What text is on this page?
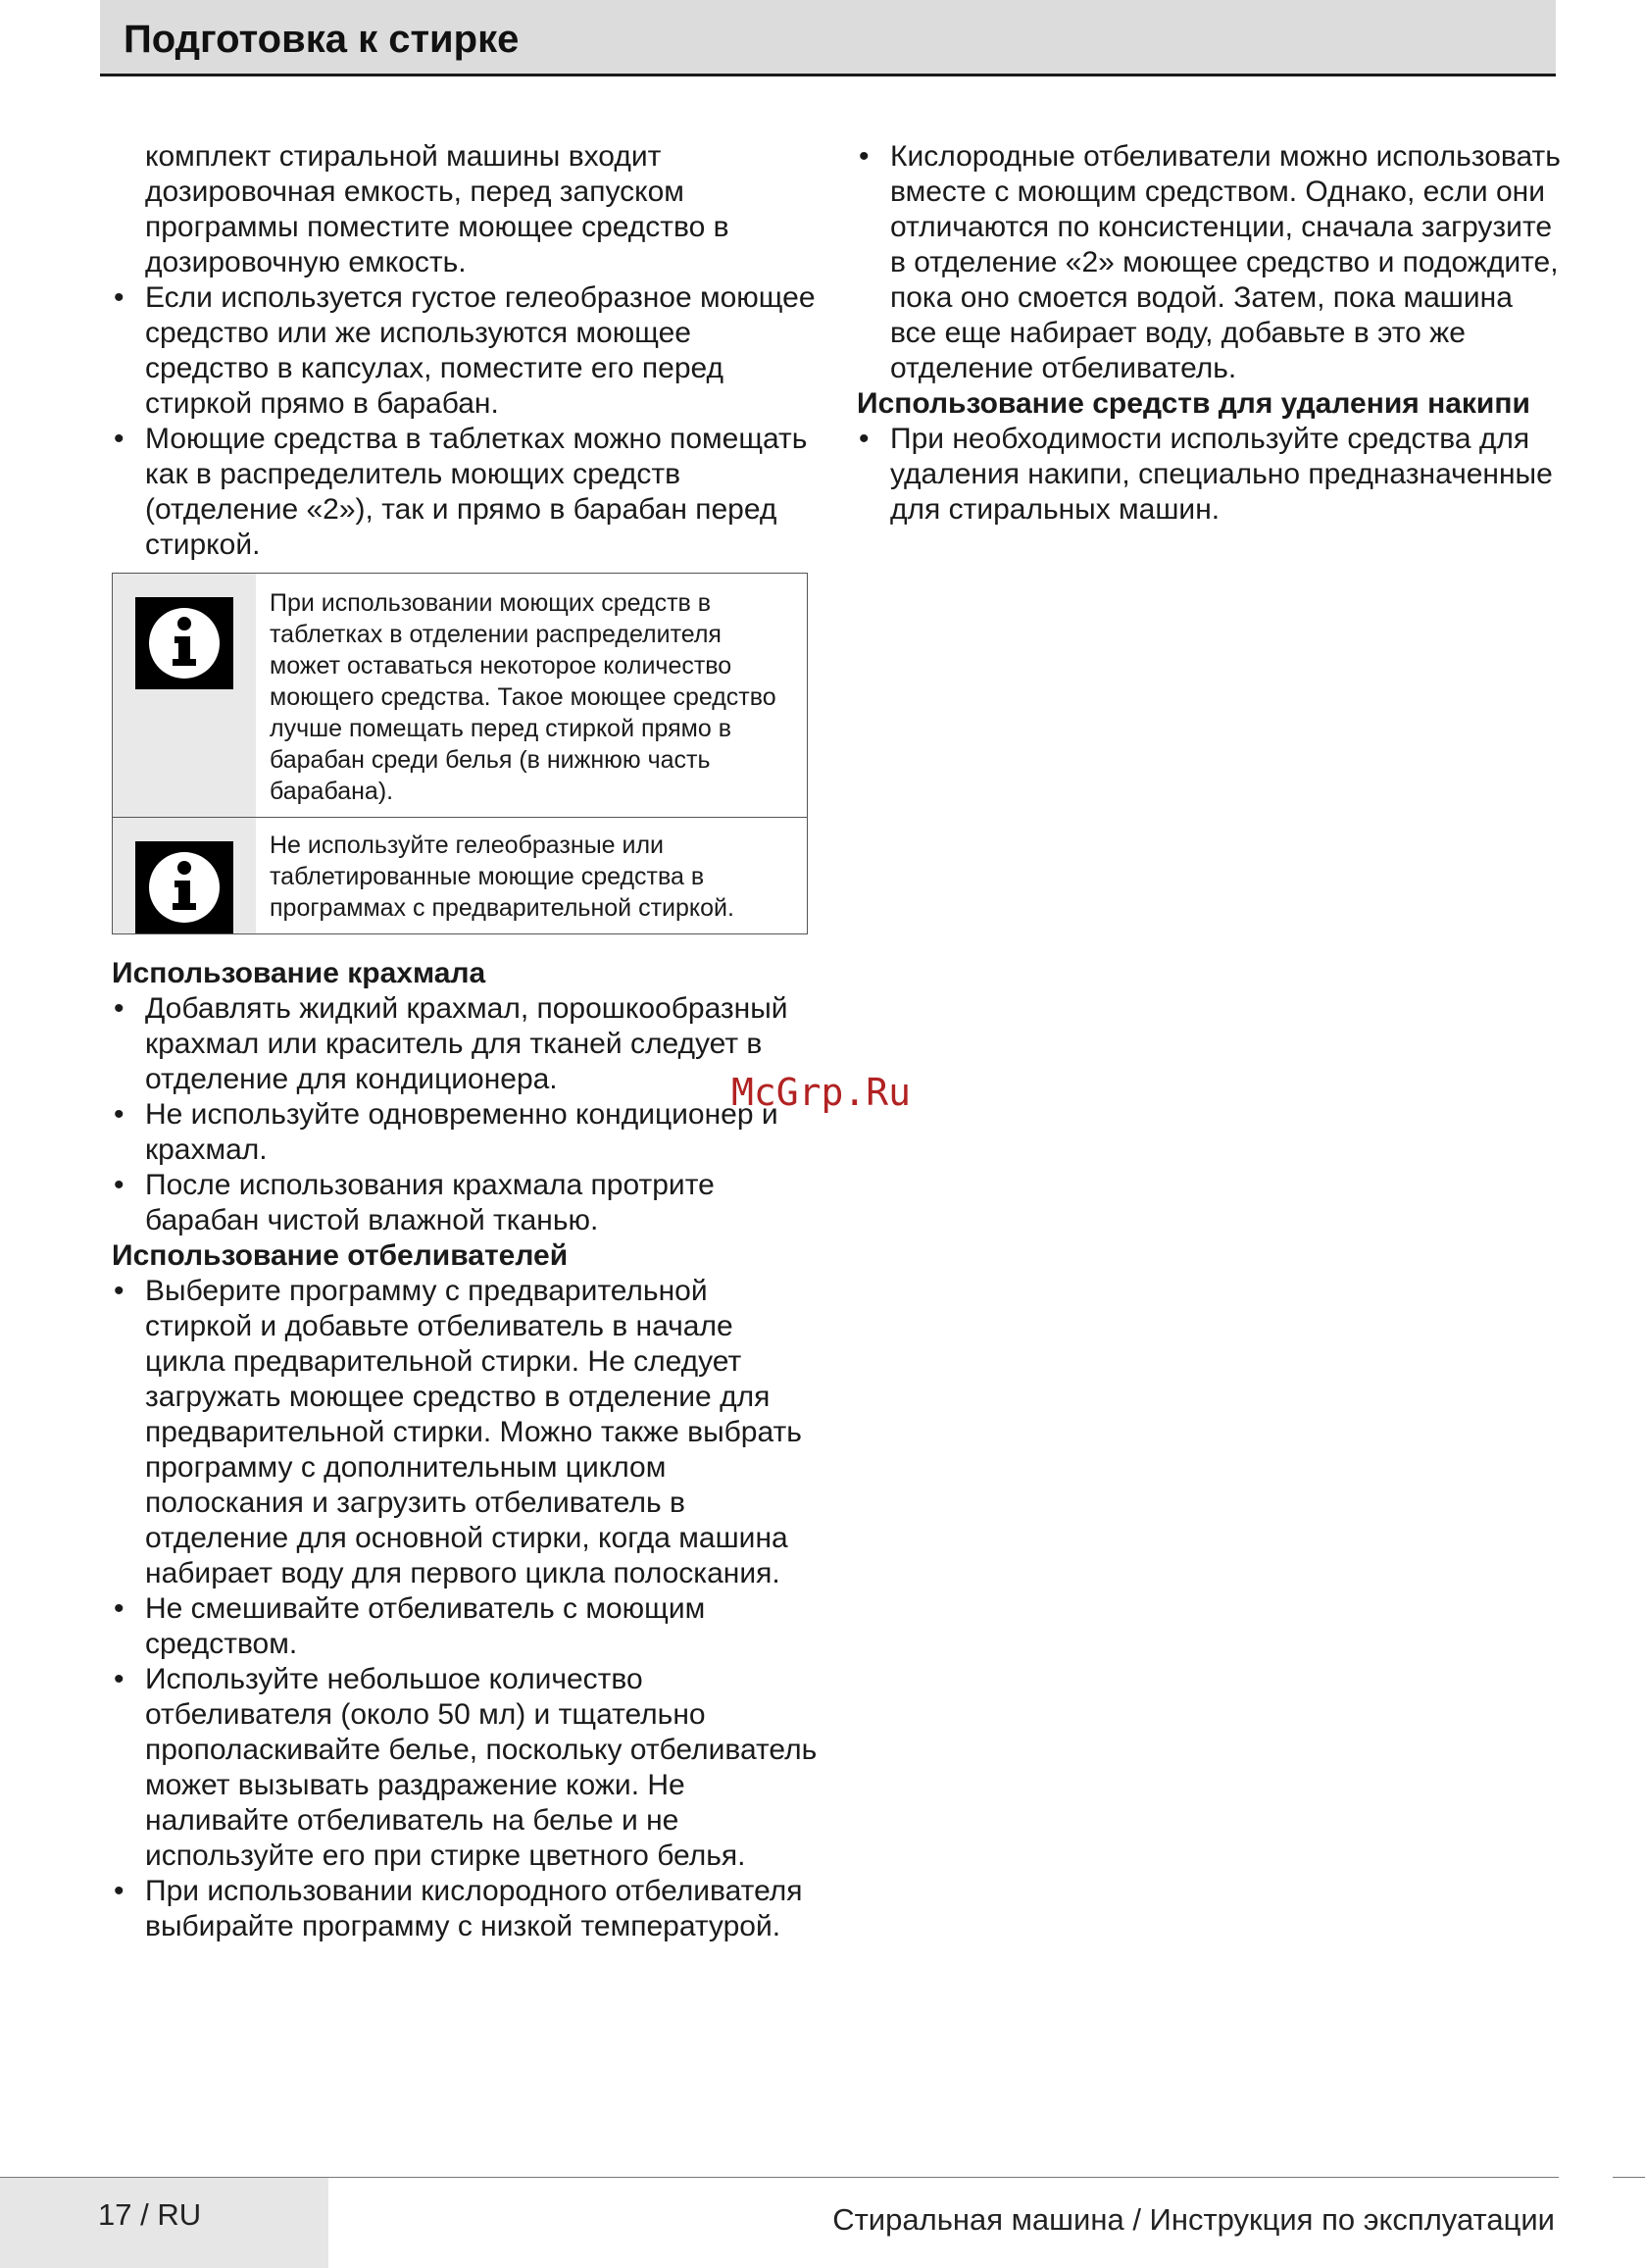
Подготовка к стирке

комплект стиральной машины входит дозировочная емкость, перед запуском программы поместите моющее средство в дозировочную емкость.

• Если используется густое гелеобразное моющее средство или же используются моющее средство в капсулах, поместите его перед стиркой прямо в барабан.
• Моющие средства в таблетках можно помещать как в распределитель моющих средств (отделение «2»), так и прямо в барабан перед стиркой.

При использовании моющих средств в таблетках в отделении распределителя может оставаться некоторое количество моющего средства. Такое моющее средство лучше помещать перед стиркой прямо в барабан среди белья (в нижнюю часть барабана).

Не используйте гелеобразные или таблетированные моющие средства в программах с предварительной стиркой.

Использование крахмала
• Добавлять жидкий крахмал, порошкообразный крахмал или краситель для тканей следует в отделение для кондиционера.
• Не используйте одновременно кондиционер и крахмал.
• После использования крахмала протрите барабан чистой влажной тканью.
Использование отбеливателей
• Выберите программу с предварительной стиркой и добавьте отбеливатель в начале цикла предварительной стирки. Не следует загружать моющее средство в отделение для предварительной стирки. Можно также выбрать программу с дополнительным циклом полоскания и загрузить отбеливатель в отделение для основной стирки, когда машина набирает воду для первого цикла полоскания.
• Не смешивайте отбеливатель с моющим средством.
• Используйте небольшое количество отбеливателя (около 50 мл) и тщательно прополаскивайте белье, поскольку отбеливатель может вызывать раздражение кожи. Не наливайте отбеливатель на белье и не используйте его при стирке цветного белья.
• При использовании кислородного отбеливателя выбирайте программу с низкой температурой.
• Кислородные отбеливатели можно использовать вместе с моющим средством. Однако, если они отличаются по консистенции, сначала загрузите в отделение «2» моющее средство и подождите, пока оно смоется водой. Затем, пока машина все еще набирает воду, добавьте в это же отделение отбеливатель.
Использование средств для удаления накипи
• При необходимости используйте средства для удаления накипи, специально предназначенные для стиральных машин.

McGrp.Ru

17 / RU	Стиральная машина / Инструкция по эксплуатации
